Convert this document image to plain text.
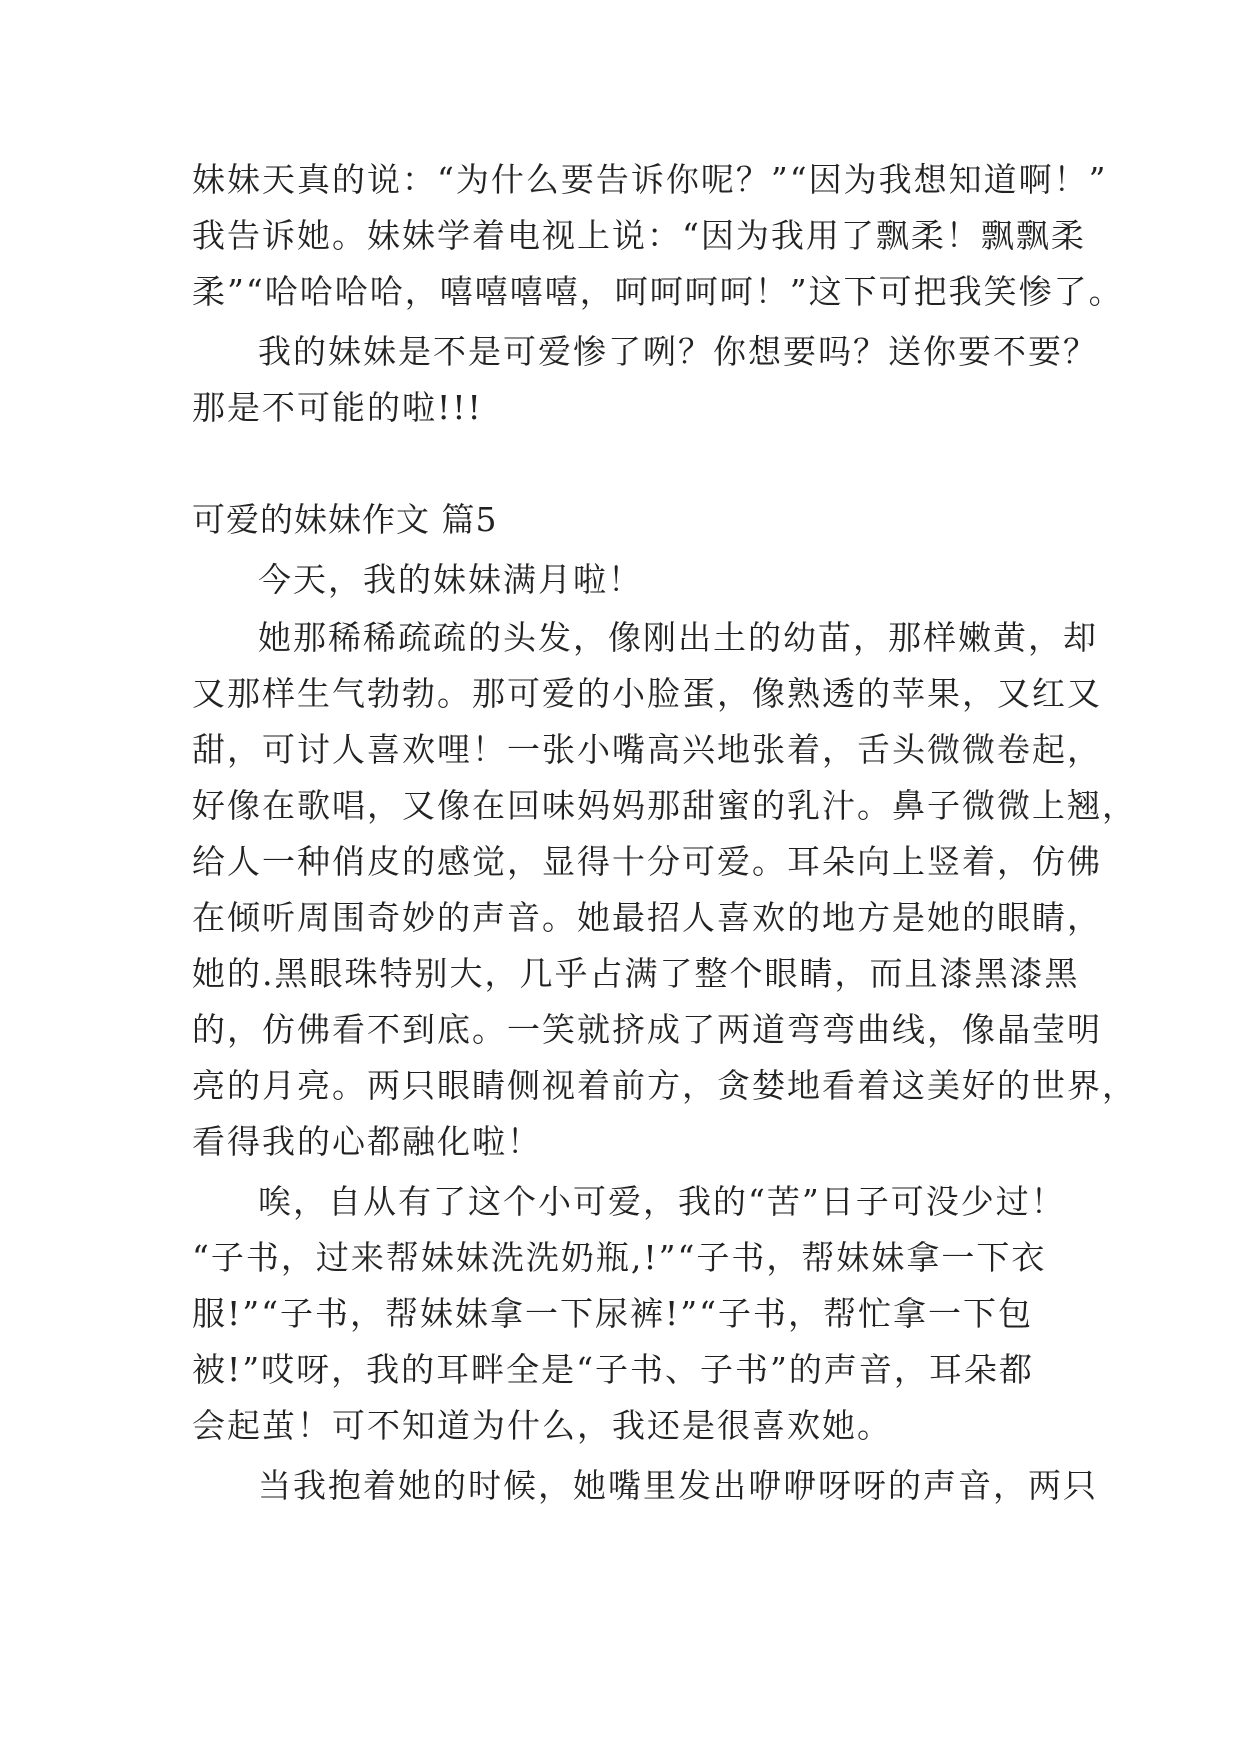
妹妹天真的说：“为什么要告诉你呢？”“因为我想知道啊！”
我告诉她。妹妹学着电视上说：“因为我用了飘柔！飘飘柔
柔”“哈哈哈哈，嘻嘻嘻嘻，呵呵呵呵！”这下可把我笑惨了。
我的妹妹是不是可爱惨了咧？你想要吗？送你要不要？
那是不可能的啦!!!
可爱的妹妹作文 篇5
今天，我的妹妹满月啦！
她那稀稀疏疏的头发，像刚出土的幼苗，那样嫩黄，却
又那样生气勃勃。那可爱的小脸蛋，像熟透的苹果，又红又
甜，可讨人喜欢哩！一张小嘴高兴地张着，舌头微微卷起，
好像在歌唱，又像在回味妈妈那甜蜜的乳汁。鼻子微微上翘，
给人一种俏皮的感觉，显得十分可爱。耳朵向上竖着，仿佛
在倾听周围奇妙的声音。她最招人喜欢的地方是她的眼睛，
她的.黑眼珠特别大，几乎占满了整个眼睛，而且漆黑漆黑
的，仿佛看不到底。一笑就挤成了两道弯弯曲线，像晶莹明
亮的月亮。两只眼睛侧视着前方，贪婪地看着这美好的世界，
看得我的心都融化啦！
唉，自从有了这个小可爱，我的“苦”日子可没少过！
“子书，过来帮妹妹洗洗奶瓶,!”“子书，帮妹妹拿一下衣
服!”“子书，帮妹妹拿一下尿裤!”“子书，帮忙拿一下包
被!”哎呀，我的耳畔全是“子书、子书”的声音，耳朵都
会起茧！可不知道为什么，我还是很喜欢她。
当我抱着她的时候，她嘴里发出咿咿呀呀的声音，两只
